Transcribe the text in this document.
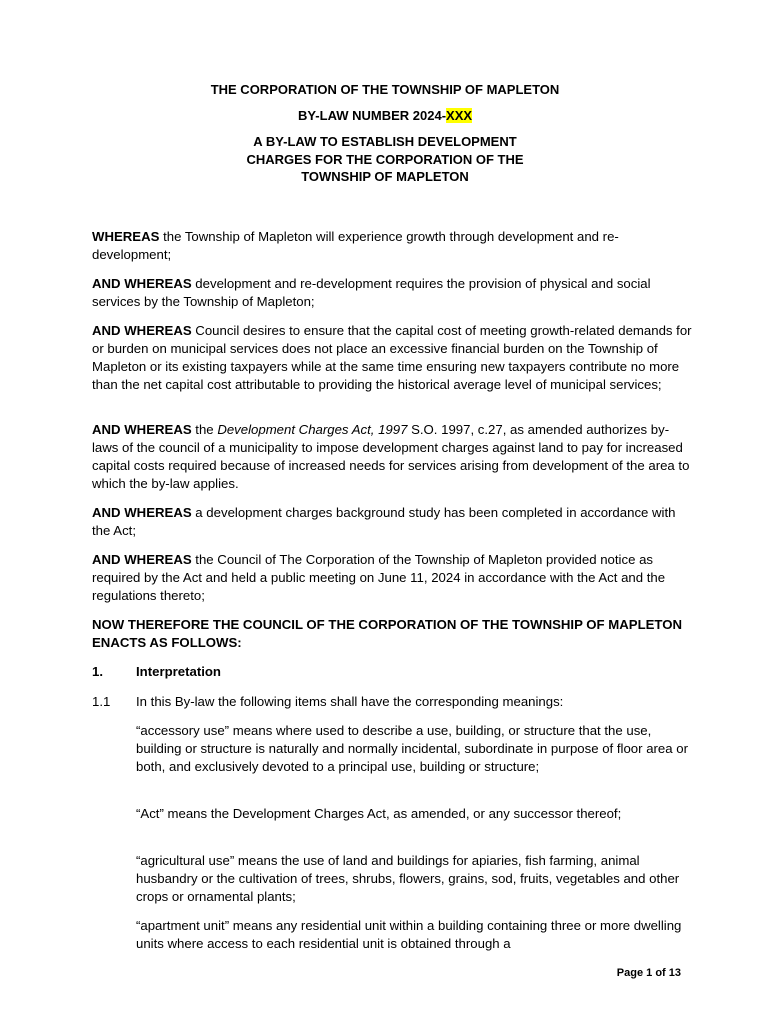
THE CORPORATION OF THE TOWNSHIP OF MAPLETON
BY-LAW NUMBER 2024-XXX
A BY-LAW TO ESTABLISH DEVELOPMENT
CHARGES FOR THE CORPORATION OF THE
TOWNSHIP OF MAPLETON

WHEREAS the Township of Mapleton will experience growth through development and re-development;

AND WHEREAS development and re-development requires the provision of physical and social services by the Township of Mapleton;

AND WHEREAS Council desires to ensure that the capital cost of meeting growth-related demands for or burden on municipal services does not place an excessive financial burden on the Township of Mapleton or its existing taxpayers while at the same time ensuring new taxpayers contribute no more than the net capital cost attributable to providing the historical average level of municipal services;

AND WHEREAS the Development Charges Act, 1997 S.O. 1997, c.27, as amended authorizes by-laws of the council of a municipality to impose development charges against land to pay for increased capital costs required because of increased needs for services arising from development of the area to which the by-law applies.

AND WHEREAS a development charges background study has been completed in accordance with the Act;

AND WHEREAS the Council of The Corporation of the Township of Mapleton provided notice as required by the Act and held a public meeting on June 11, 2024 in accordance with the Act and the regulations thereto;

NOW THEREFORE THE COUNCIL OF THE CORPORATION OF THE TOWNSHIP OF MAPLETON ENACTS AS FOLLOWS:

1.	Interpretation
1.1 In this By-law the following items shall have the corresponding meanings:

“accessory use” means where used to describe a use, building, or structure that the use, building or structure is naturally and normally incidental, subordinate in purpose of floor area or both, and exclusively devoted to a principal use, building or structure;

“Act” means the Development Charges Act, as amended, or any successor thereof;

“agricultural use” means the use of land and buildings for apiaries, fish farming, animal husbandry or the cultivation of trees, shrubs, flowers, grains, sod, fruits, vegetables and other crops or ornamental plants;

“apartment unit” means any residential unit within a building containing three or more dwelling units where access to each residential unit is obtained through a

Page 1 of 13
